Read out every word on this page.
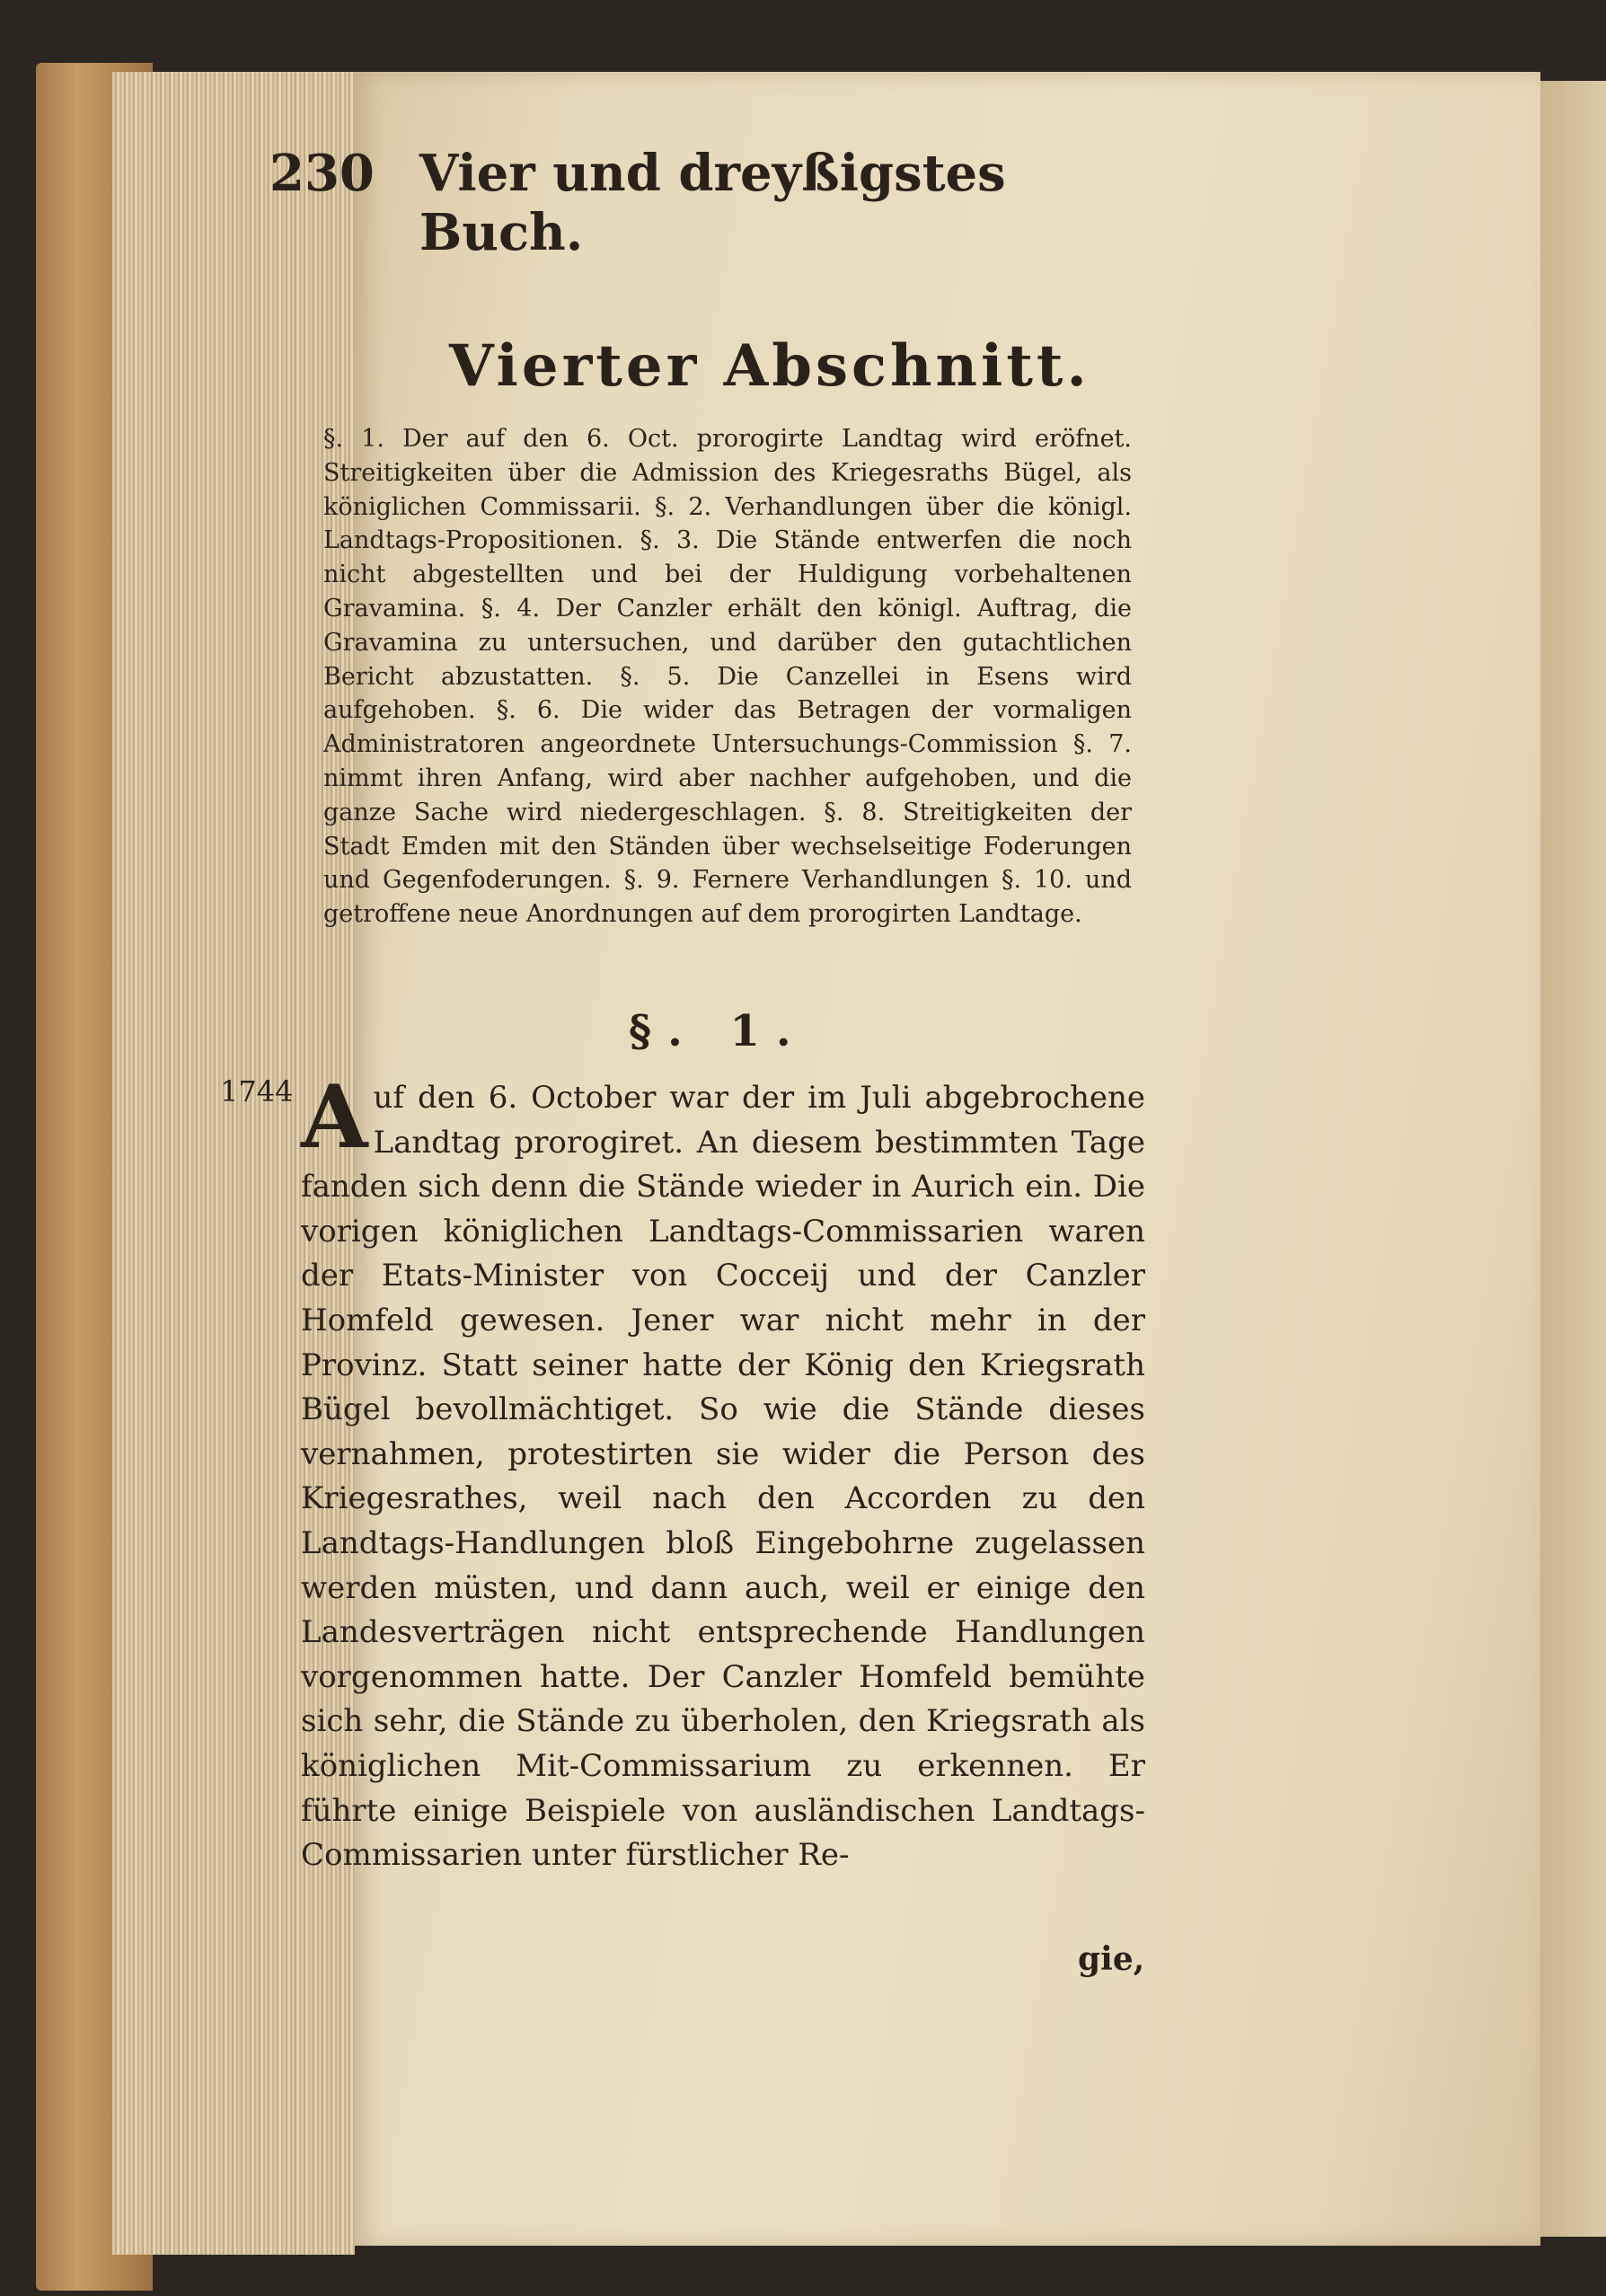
230 Vier und dreyßigstes Buch.
Vierter Abschnitt.
§. 1. Der auf den 6. Oct. prorogirte Landtag wird eröfnet. Streitigkeiten über die Admission des Kriegesraths Bügel, als königlichen Commissarii. §. 2. Verhandlungen über die königl. Landtags-Propositionen. §. 3. Die Stände entwerfen die noch nicht abgestellten und bei der Huldigung vorbehaltenen Gravamina. §. 4. Der Canzler erhält den königl. Auftrag, die Gravamina zu untersuchen, und darüber den gutachtlichen Bericht abzustatten. §. 5. Die Canzellei in Esens wird aufgehoben. §. 6. Die wider das Betragen der vormaligen Administratoren angeordnete Untersuchungs-Commission §. 7. nimmt ihren Anfang, wird aber nachher aufgehoben, und die ganze Sache wird niedergeschlagen. §. 8. Streitigkeiten der Stadt Emden mit den Ständen über wechselseitige Foderungen und Gegenfoderungen. §. 9. Fernere Verhandlungen §. 10. und getroffene neue Anordnungen auf dem prorogirten Landtage.
§. 1.
1744 A uf den 6. October war der im Juli abgebrochene Landtag prorogiret. An diesem bestimmten Tage fanden sich denn die Stände wieder in Aurich ein. Die vorigen königlichen Landtags-Commissarien waren der Etats-Minister von Cocceij und der Canzler Homfeld gewesen. Jener war nicht mehr in der Provinz. Statt seiner hatte der König den Kriegsrath Bügel bevollmächtiget. So wie die Stände dieses vernahmen, protestirten sie wider die Person des Kriegesrathes, weil nach den Accorden zu den Landtags-Handlungen bloß Eingebohrne zugelassen werden müsten, und dann auch, weil er einige den Landesverträgen nicht entsprechende Handlungen vorgenommen hatte. Der Canzler Homfeld bemühte sich sehr, die Stände zu überholen, den Kriegsrath als königlichen Mit-Commissarium zu erkennen. Er führte einige Beispiele von ausländischen Landtags-Commissarien unter fürstlicher Re-
gie,
